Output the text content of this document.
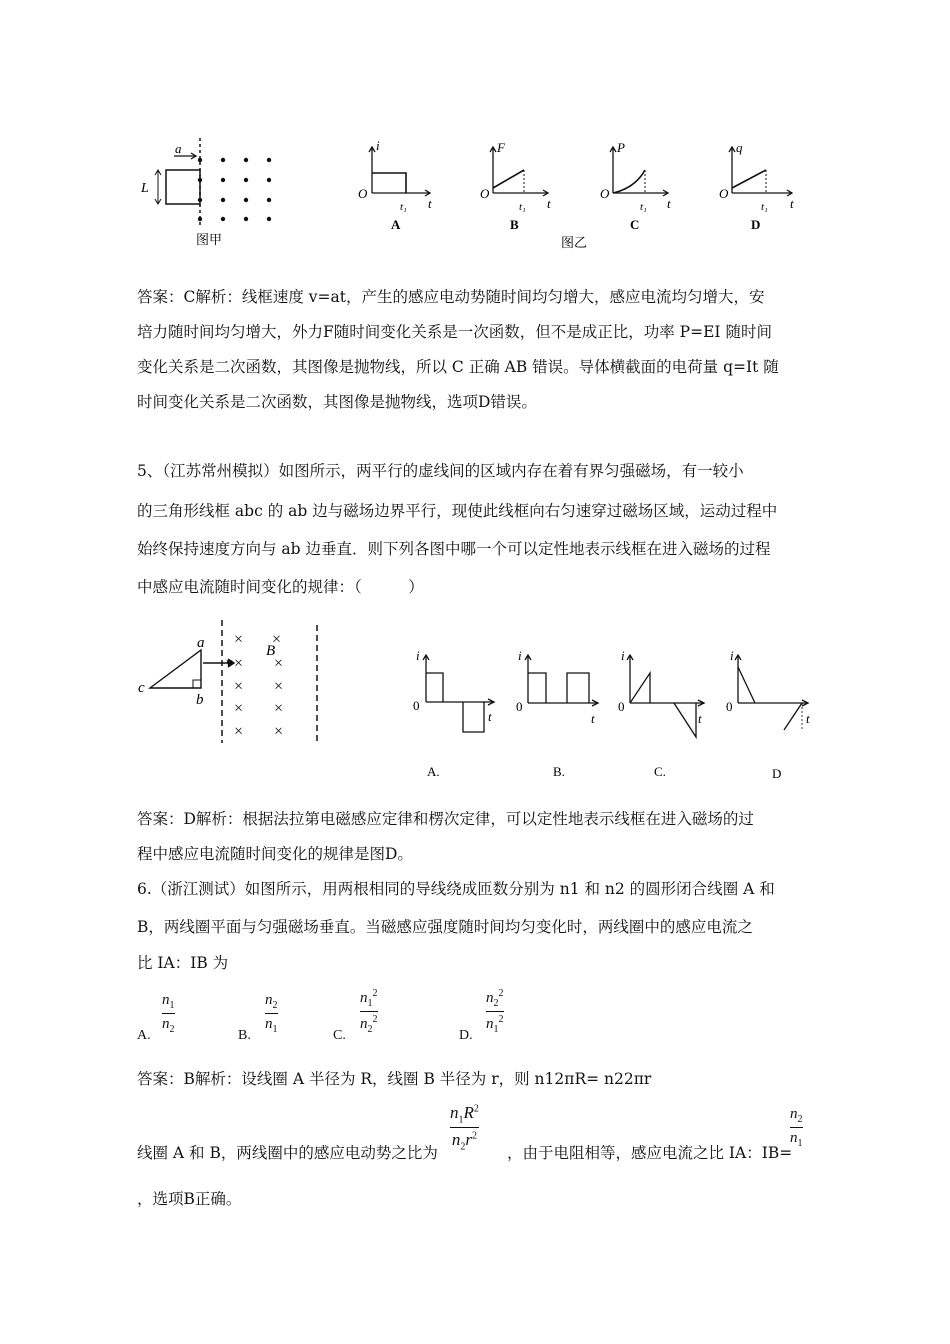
a
L
图甲
i
O
t
t₁
A
F
O
t
t₁
B
P
O
t
t₁
C
q
O
t
t₁
D
图乙

答案：C解析：线框速度 v=at，产生的感应电动势随时间均匀增大，感应电流均匀增大，安

培力随时间均匀增大，外力F随时间变化关系是一次函数，但不是成正比，功率 P=EI 随时间

变化关系是二次函数，其图像是抛物线，所以 C 正确 AB 错误。导体横截面的电荷量 q=It 随

时间变化关系是二次函数，其图像是抛物线，选项D错误。

5、（江苏常州模拟）如图所示，两平行的虚线间的区域内存在着有界匀强磁场，有一较小

的三角形线框 abc 的 ab 边与磁场边界平行，现使此线框向右匀速穿过磁场区域，运动过程中

始终保持速度方向与 ab 边垂直．则下列各图中哪一个可以定性地表示线框在进入磁场的过程

中感应电流随时间变化的规律：（　　　）

a
b
c
v
B
× ×
× ×
× ×
× ×
× ×
i
0
t
A.
i
0
t
B.
i
0
t
C.
i
0
t
D

答案：D解析：根据法拉第电磁感应定律和楞次定律，可以定性地表示线框在进入磁场的过

程中感应电流随时间变化的规律是图D。

6.（浙江测试）如图所示，用两根相同的导线绕成匝数分别为 n1 和 n2 的圆形闭合线圈 A 和

B，两线圈平面与匀强磁场垂直。当磁感应强度随时间均匀变化时，两线圈中的感应电流之

比 IA：IB 为

A.
$n_1$
$n_2$	B.
$n_2$
$n_1$	C.
$n_1^2$
$n_2^2$
D.
$n_2^2$
$n_1^2$

答案：B解析：设线圈 A 半径为 R，线圈 B 半径为 r，则 n12πR= n22πr

线圈 A 和 B，两线圈中的感应电动势之比为

$n_1R^2$
$n_2r^2$

，由于电阻相等，感应电流之比 IA：IB=

$n_2$
$n_1$

，选项B正确。
